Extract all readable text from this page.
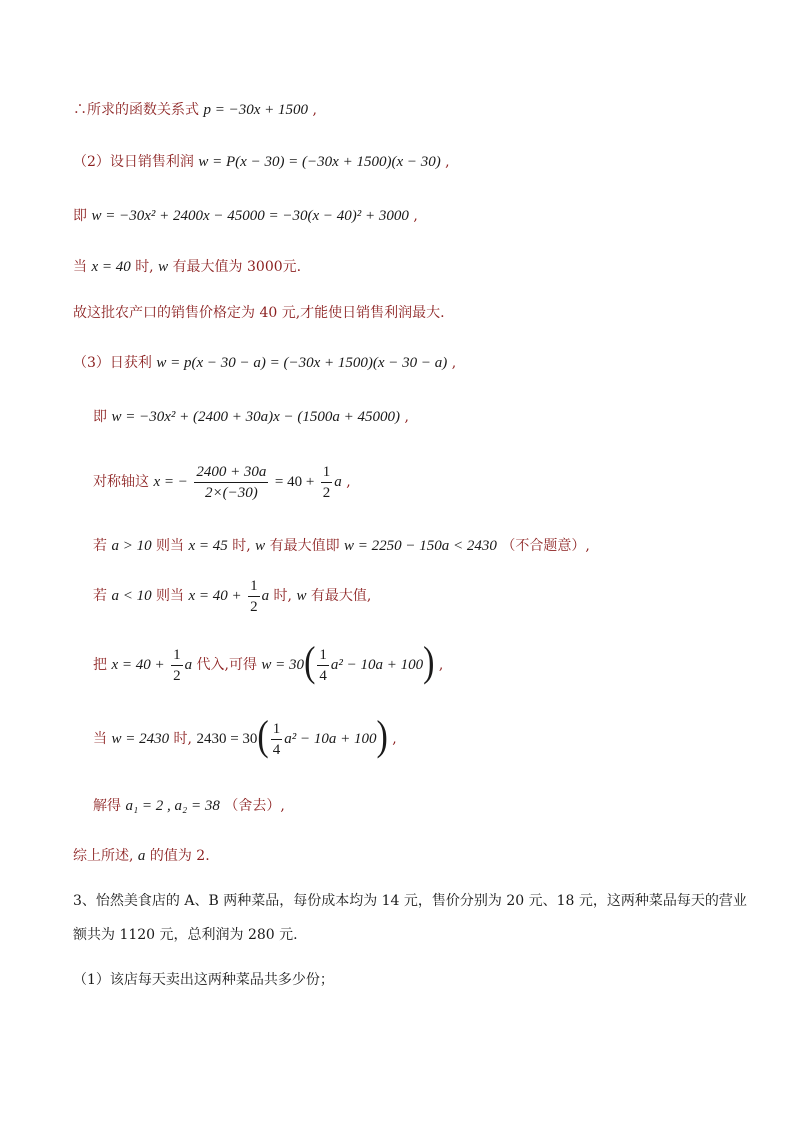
∴所求的函数关系式 p = −30x + 1500 ,
（2）设日销售利润 w = P(x − 30) = (−30x + 1500)(x − 30) ,
即 w = −30x² + 2400x − 45000 = −30(x − 40)² + 3000 ,
当 x = 40 时, w 有最大值为 3000元.
故这批农产口的销售价格定为 40 元,才能使日销售利润最大.
（3）日获利 w = p(x − 30 − a) = (−30x + 1500)(x − 30 − a) ,
即 w = −30x² + (2400 + 30a)x − (1500a + 45000) ,
对称轴这 x = − $\frac{2400 + 30a}{2\times(-30)} = 40 + \frac{1}{2}$ a ,
若 a > 10 则当 x = 45 时, w 有最大值即 w = 2250 − 150a < 2430 （不合题意）,
若 a < 10 则当 $x = 40 + \frac{1}{2}$ a 时, w 有最大值,
把 $x = 40 + \frac{1}{2}$ a 代入,可得 $w = 30( \frac{1}{4} a^2 - 10a + 100)$ ,
当 w = 2430 时, $2430 = 30( \frac{1}{4} a^2 - 10a + 100)$ ,
解得 a₁ = 2 , a₂ = 38 （舍去）,
综上所述, a 的值为 2.
3、怡然美食店的 A、B 两种菜品，每份成本均为 14 元，售价分别为 20 元、18 元，这两种菜品每天的营业
额共为 1120 元，总利润为 280 元.
（1）该店每天卖出这两种菜品共多少份；
